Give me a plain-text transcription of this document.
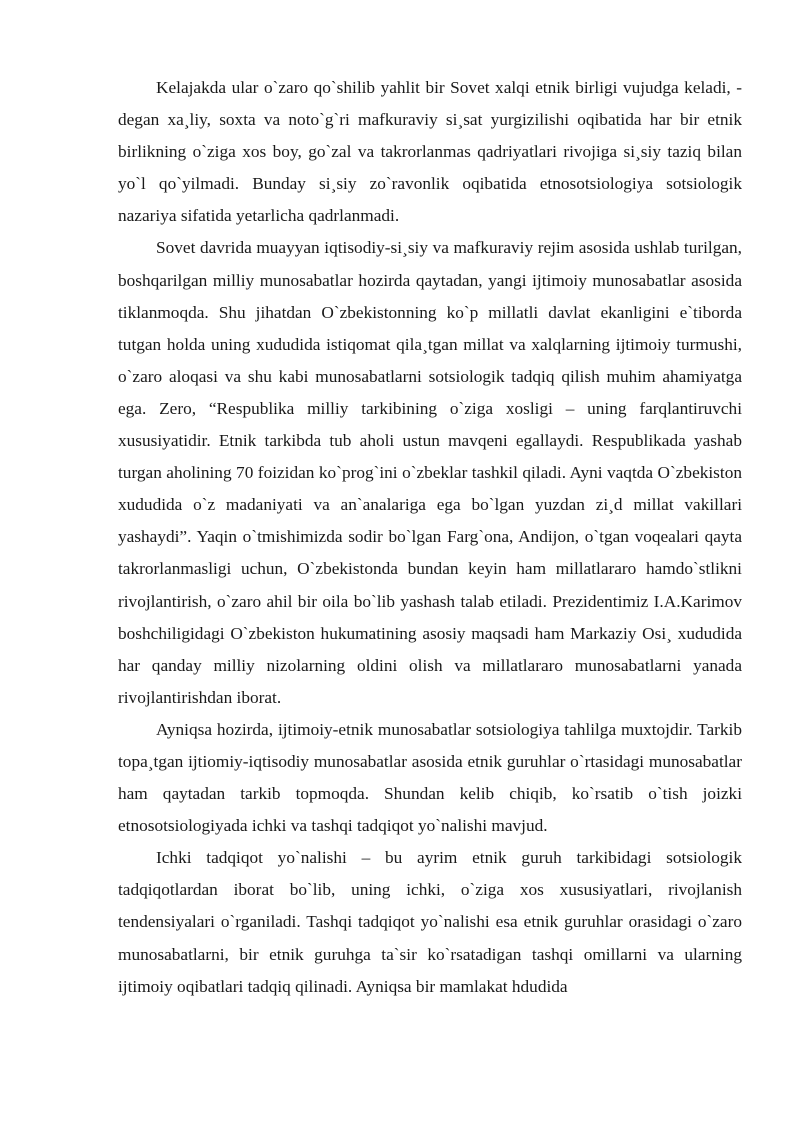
Kelajakda ular o`zaro qo`shilib yahlit bir Sovet xalqi etnik birligi vujudga keladi, - degan xa¸liy, soxta va noto`g`ri mafkuraviy si¸sat yurgizilishi oqibatida har bir etnik birlikning o`ziga xos boy, go`zal va takrorlanmas qadriyatlari rivojiga si¸siy taziq bilan yo`l qo`yilmadi. Bunday si¸siy zo`ravonlik oqibatida etnosotsiologiya sotsiologik nazariya sifatida yetarlicha qadrlanmadi.

Sovet davrida muayyan iqtisodiy-si¸siy va mafkuraviy rejim asosida ushlab turilgan, boshqarilgan milliy munosabatlar hozirda qaytadan, yangi ijtimoiy munosabatlar asosida tiklanmoqda. Shu jihatdan O`zbekistonning ko`p millatli davlat ekanligini e`tiborda tutgan holda uning xududida istiqomat qila¸tgan millat va xalqlarning ijtimoiy turmushi, o`zaro aloqasi va shu kabi munosabatlarni sotsiologik tadqiq qilish muhim ahamiyatga ega. Zero, “Respublika milliy tarkibining o`ziga xosligi – uning farqlantiruvchi xususiyatidir. Etnik tarkibda tub aholi ustun mavqeni egallaydi. Respublikada yashab turgan aholining 70 foizidan ko`prog`ini o`zbeklar tashkil qiladi. Ayni vaqtda O`zbekiston xududida o`z madaniyati va an`analariga ega bo`lgan yuzdan zi¸d millat vakillari yashaydi”. Yaqin o`tmishimizda sodir bo`lgan Farg`ona, Andijon, o`tgan voqealari qayta takrorlanmasligi uchun, O`zbekistonda bundan keyin ham millatlararo hamdo`stlikni rivojlantirish, o`zaro ahil bir oila bo`lib yashash talab etiladi. Prezidentimiz I.A.Karimov boshchiligidagi O`zbekiston hukumatining asosiy maqsadi ham Markaziy Osi¸ xududida har qanday milliy nizolarning oldini olish va millatlararo munosabatlarni yanada rivojlantirishdan iborat.

Ayniqsa hozirda, ijtimoiy-etnik munosabatlar sotsiologiya tahlilga muxtojdir. Tarkib topa¸tgan ijtiomiy-iqtisodiy munosabatlar asosida etnik guruhlar o`rtasidagi munosabatlar ham qaytadan tarkib topmoqda. Shundan kelib chiqib, ko`rsatib o`tish joizki etnosotsiologiyada ichki va tashqi tadqiqot yo`nalishi mavjud.

Ichki tadqiqot yo`nalishi – bu ayrim etnik guruh tarkibidagi sotsiologik tadqiqotlardan iborat bo`lib, uning ichki, o`ziga xos xususiyatlari, rivojlanish tendensiyalari o`rganiladi. Tashqi tadqiqot yo`nalishi esa etnik guruhlar orasidagi o`zaro munosabatlarni, bir etnik guruhga ta`sir ko`rsatadigan tashqi omillarni va ularning ijtimoiy oqibatlari tadqiq qilinadi. Ayniqsa bir mamlakat hdudida
